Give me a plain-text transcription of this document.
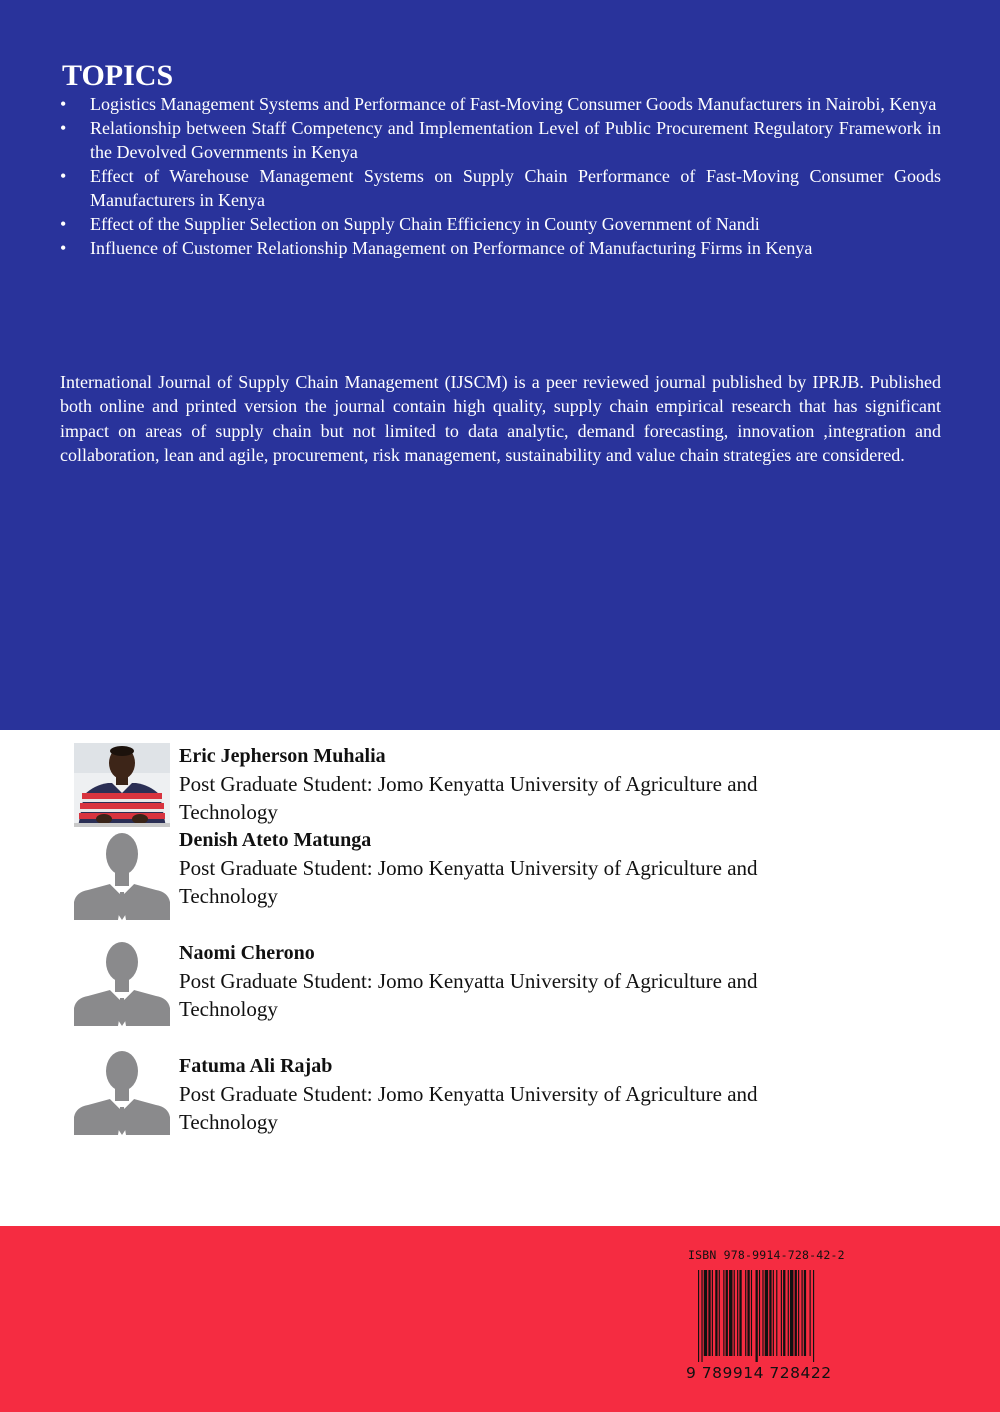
TOPICS
•	Logistics Management Systems and Performance of Fast-Moving Consumer Goods Manufacturers in Nairobi, Kenya
•	Relationship between Staff Competency and Implementation Level of Public Procurement Regulatory Framework in the Devolved Governments in Kenya
•	Effect of Warehouse Management Systems on Supply Chain Performance of Fast-Moving Consumer Goods Manufacturers in Kenya
•	Effect of the Supplier Selection on Supply Chain Efficiency in County Government of Nandi
•	Influence of Customer Relationship Management on Performance of Manufacturing Firms in Kenya

International Journal of Supply Chain Management (IJSCM) is a peer reviewed journal published by IPRJB. Published both online and printed version the journal contain high quality, supply chain empirical research that has significant impact on areas of supply chain but not limited to data analytic, demand forecasting, innovation ,integration and collaboration, lean and agile, procurement, risk management, sustainability and value chain strategies are considered.

Eric Jepherson Muhalia

Post Graduate Student: Jomo Kenyatta University of Agriculture and Technology

Denish Ateto Matunga

Post Graduate Student: Jomo Kenyatta University of Agriculture and Technology

Naomi Cherono

Post Graduate Student: Jomo Kenyatta University of Agriculture and Technology

Fatuma Ali Rajab

Post Graduate Student: Jomo Kenyatta University of Agriculture and Technology

ISBN 978-9914-728-42-2

9 789914 728422
